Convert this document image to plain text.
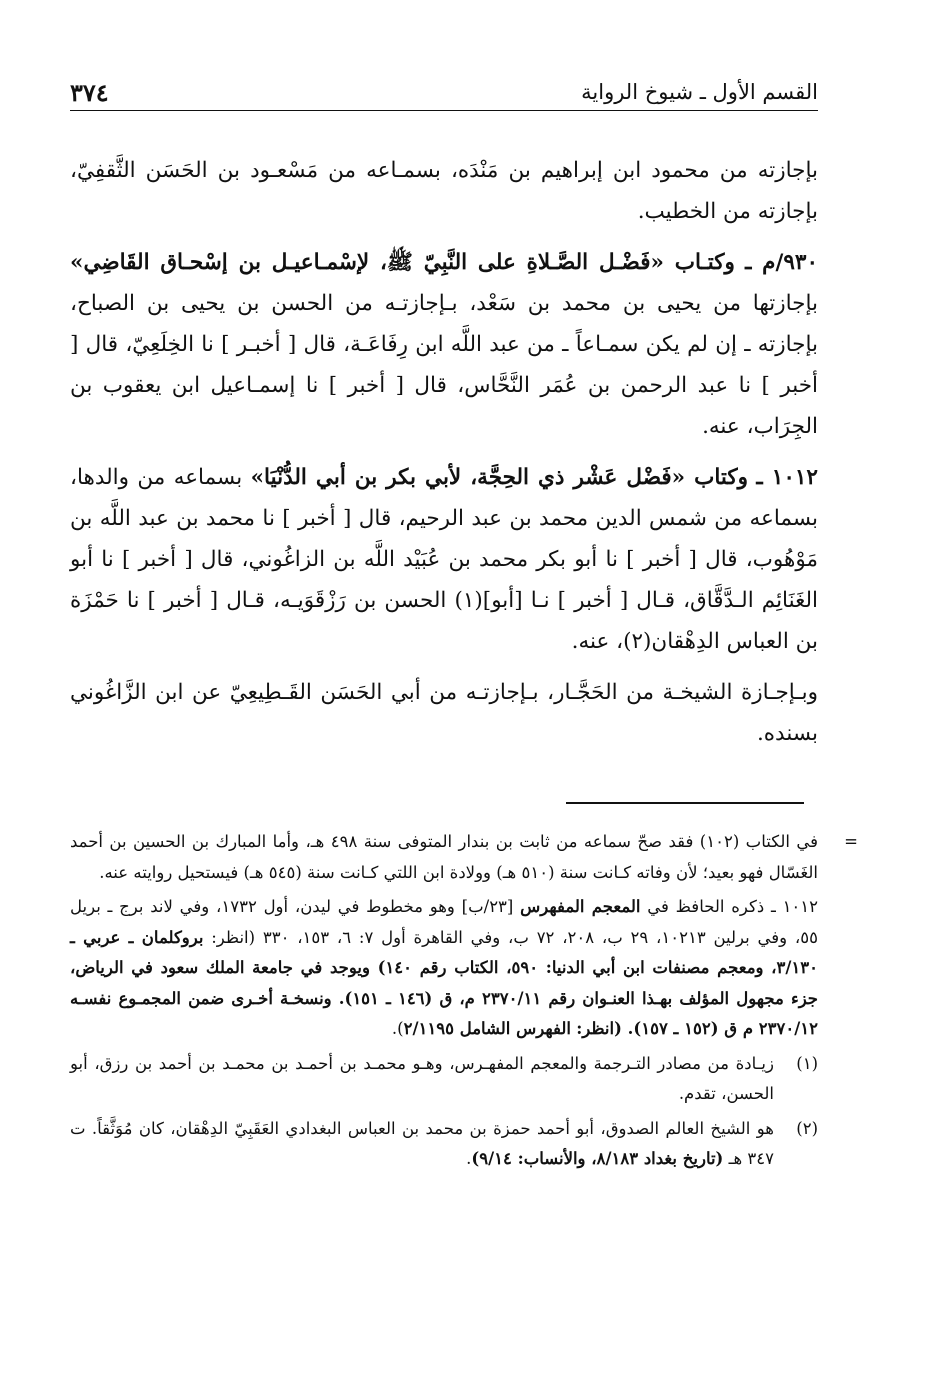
القسم الأول ـ شيوخ الرواية
٣٧٤

بإجازته من محمود ابن إبراهيم بن مَنْدَه، بسمـاعه من مَسْعـود بن الحَسَن الثَّقفِيّ، بإجازته من الخطيب.

٩٣٠/م ـ وكتـاب «فَضْـل الصَّـلاةِ على النَّبِيّ ﷺ، لإسْمـاعيـل بن إسْحـاق القَاضِي» بإجازتها من يحيى بن محمد بن سَعْد، بـإجازتـه من الحسن بن يحيى بن الصباح، بإجازته ـ إن لم يكن سمـاعاً ـ من عبد اللَّه ابن رِفَاعَـة، قال [ أخبـر ] نا الخِلَعِيّ، قال [ أخبر ] نا عبد الرحمن بن عُمَر النَّحَّاس، قال [ أخبر ] نا إسمـاعيل ابن يعقوب بن الجِرَاب، عنه.

١٠١٢ ـ وكتاب «فَضْل عَشْر ذي الحِجَّة، لأبي بكر بن أبي الدُّنْيَا» بسماعه من والدها، بسماعه من شمس الدين محمد بن عبد الرحيم، قال [ أخبر ] نا محمد بن عبد اللَّه بن مَوْهُوب، قال [ أخبر ] نا أبو بكر محمد بن عُبَيْد اللَّه بن الزاغُوني، قال [ أخبر ] نا أبو الغَنَائِم الـدَّقَّاق، قـال [ أخبر ] نـا [أبو](١) الحسن بن رَزْقَوَيـه، قـال [ أخبر ] نا حَمْزَة بن العباس الدِهْقان(٢)، عنه.

وبـإجـازة الشيخـة من الحَجَّـار، بـإجازتـه من أبي الحَسَن القَـطِيعِيّ عن ابن الزَّاغُوني بسنده.

=
في الكتاب (١٠٢) فقد صحّ سماعه من ثابت بن بندار المتوفى سنة ٤٩٨ هـ، وأما المبارك بن الحسين بن أحمد الغَسّال فهو بعيد؛ لأن وفاته كـانت سنة (٥١٠ هـ) وولادة ابن اللتي كـانت سنة (٥٤٥ هـ) فيستحيل روايته عنه.
١٠١٢ ـ ذكره الحافظ في المعجم المفهرس [٢٣/ب] وهو مخطوط في ليدن، أول ١٧٣٢، وفي لاند برج ـ بريل ٥٥، وفي برلين ١٠٢١٣، ٢٩ ب، ٢٠٨، ٧٢ ب، وفي القاهرة أول ٧: ٦، ١٥٣، ٣٣٠ (انظر: بروكلمان ـ عربي ـ ٣/١٣٠، ومعجم مصنفات ابن أبي الدنيا: ٥٩٠، الكتاب رقم ١٤٠) ويوجد في جامعة الملك سعود في الرياض، جزء مجهول المؤلف بهـذا العنـوان رقم ٢٣٧٠/١١ م، ق (١٤٦ ـ ١٥١). ونسخـة أخـرى ضمن المجمـوع نفسـه ٢٣٧٠/١٢ م ق (١٥٢ ـ ١٥٧). (انظر: الفهرس الشامل ٢/١١٩٥).
(١)
زيـادة من مصادر التـرجمة والمعجم المفهـرس، وهـو محمـد بن أحمـد بن محمـد بن أحمد بن رزق، أبو الحسن، تقدم.
(٢)
هو الشيخ العالم الصدوق، أبو أحمد حمزة بن محمد بن العباس البغدادي العَقَبِيّ الدِهْقان، كان مُوَثَّقاً. ت ٣٤٧ هـ (تاريخ بغداد ٨/١٨٣، والأنساب: ٩/١٤).
